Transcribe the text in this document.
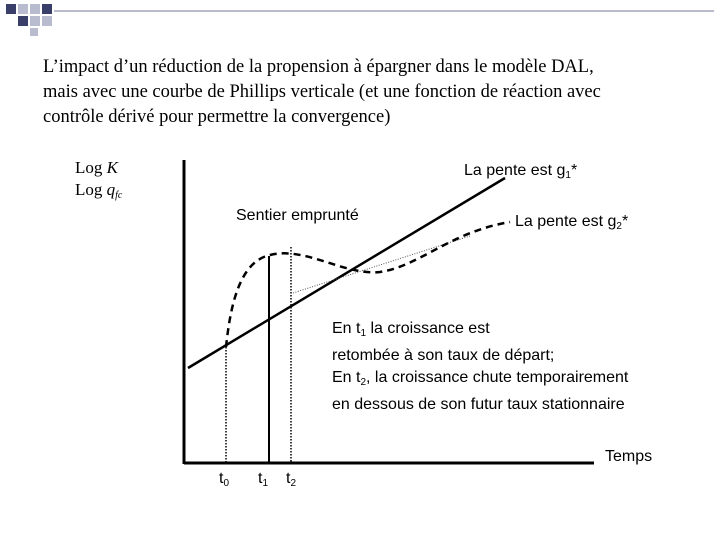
L’impact d’un réduction de la propension à épargner dans le modèle DAL,
mais avec une courbe de Phillips verticale (et une fonction de réaction avec
contrôle dérivé pour permettre la convergence)
Log K
Log $q_{fc}$
La pente est $g_1*$
Sentier emprunté	La pente est $g_2*$
En $t_1$ la croissance est
retombée à son taux de départ;
En $t_2$, la croissance chute temporairement
en dessous de son futur taux stationnaire
Temps
$t_0$ $t_1$ $t_2$
